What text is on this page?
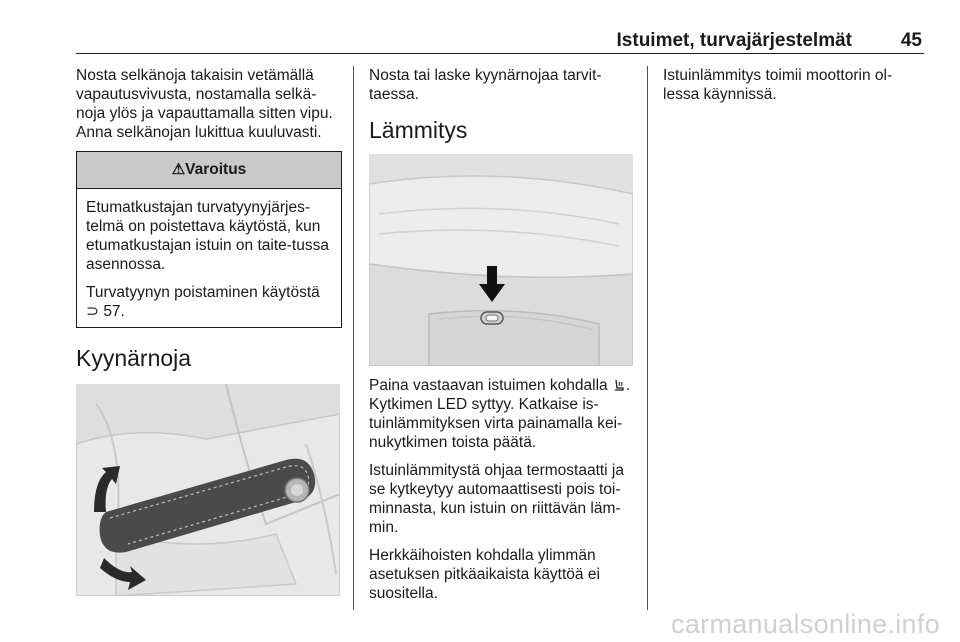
Istuimet, turvajärjestelmät	45

Nosta selkänoja takaisin vetämällä vapautusvivusta, nostamalla selkä-noja ylös ja vapauttamalla sitten vipu. Anna selkänojan lukittua kuuluvasti.

⚠Varoitus

Etumatkustajan turvatyynyjärjes-telmä on poistettava käytöstä, kun etumatkustajan istuin on taite-tussa asennossa.

Turvatyynyn poistaminen käytöstä ⊃ 57.

Kyynärnoja

Nosta tai laske kyynärnojaa tarvit-taessa.

Lämmitys

Paina vastaavan istuimen kohdalla . Kytkimen LED syttyy. Katkaise is-tuinlämmityksen virta painamalla kei-nukytkimen toista päätä.

Istuinlämmitystä ohjaa termostaatti ja se kytkeytyy automaattisesti pois toi-minnasta, kun istuin on riittävän läm-min.

Herkkäihoisten kohdalla ylimmän asetuksen pitkäaikaista käyttöä ei suositella.

Istuinlämmitys toimii moottorin ol-lessa käynnissä.

carmanualsonline.info
